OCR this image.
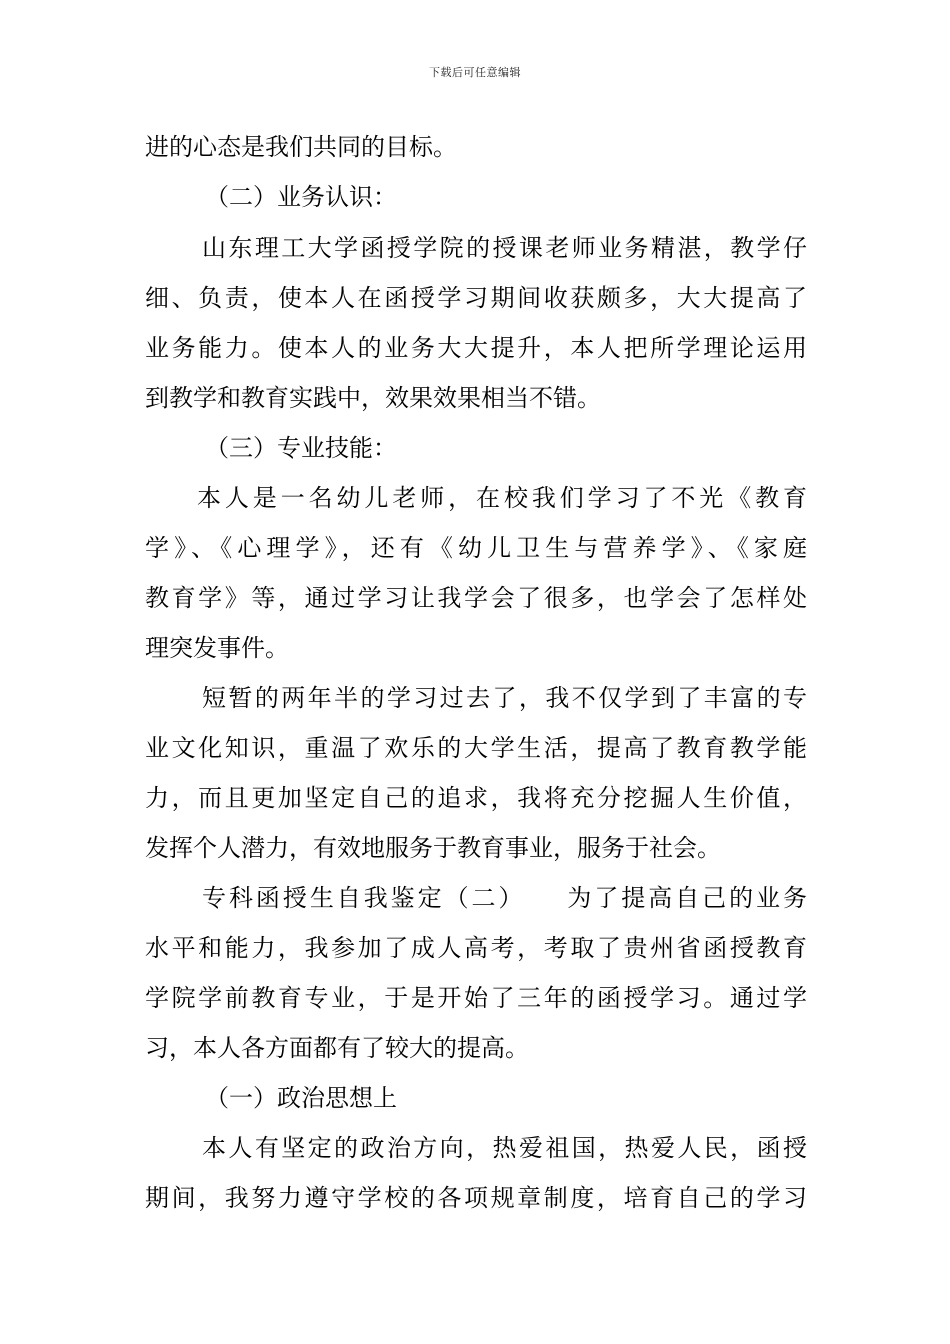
下载后可任意编辑
进的心态是我们共同的目标。
（二）业务认识：
山东理工大学函授学院的授课老师业务精湛，教学仔
细、负责，使本人在函授学习期间收获颇多，大大提高了
业务能力。使本人的业务大大提升，本人把所学理论运用
到教学和教育实践中，效果效果相当不错。
（三）专业技能：
本人是一名幼儿老师，在校我们学习了不光《教育
学》、《心理学》，还有《幼儿卫生与营养学》、《家庭
教育学》等，通过学习让我学会了很多，也学会了怎样处
理突发事件。
短暂的两年半的学习过去了，我不仅学到了丰富的专
业文化知识，重温了欢乐的大学生活，提高了教育教学能
力，而且更加坚定自己的追求，我将充分挖掘人生价值，
发挥个人潜力，有效地服务于教育事业，服务于社会。
专科函授生自我鉴定（二）　　为了提高自己的业务
水平和能力，我参加了成人高考，考取了贵州省函授教育
学院学前教育专业，于是开始了三年的函授学习。通过学
习，本人各方面都有了较大的提高。
（一）政治思想上
本人有坚定的政治方向，热爱祖国，热爱人民，函授
期间，我努力遵守学校的各项规章制度，培育自己的学习
